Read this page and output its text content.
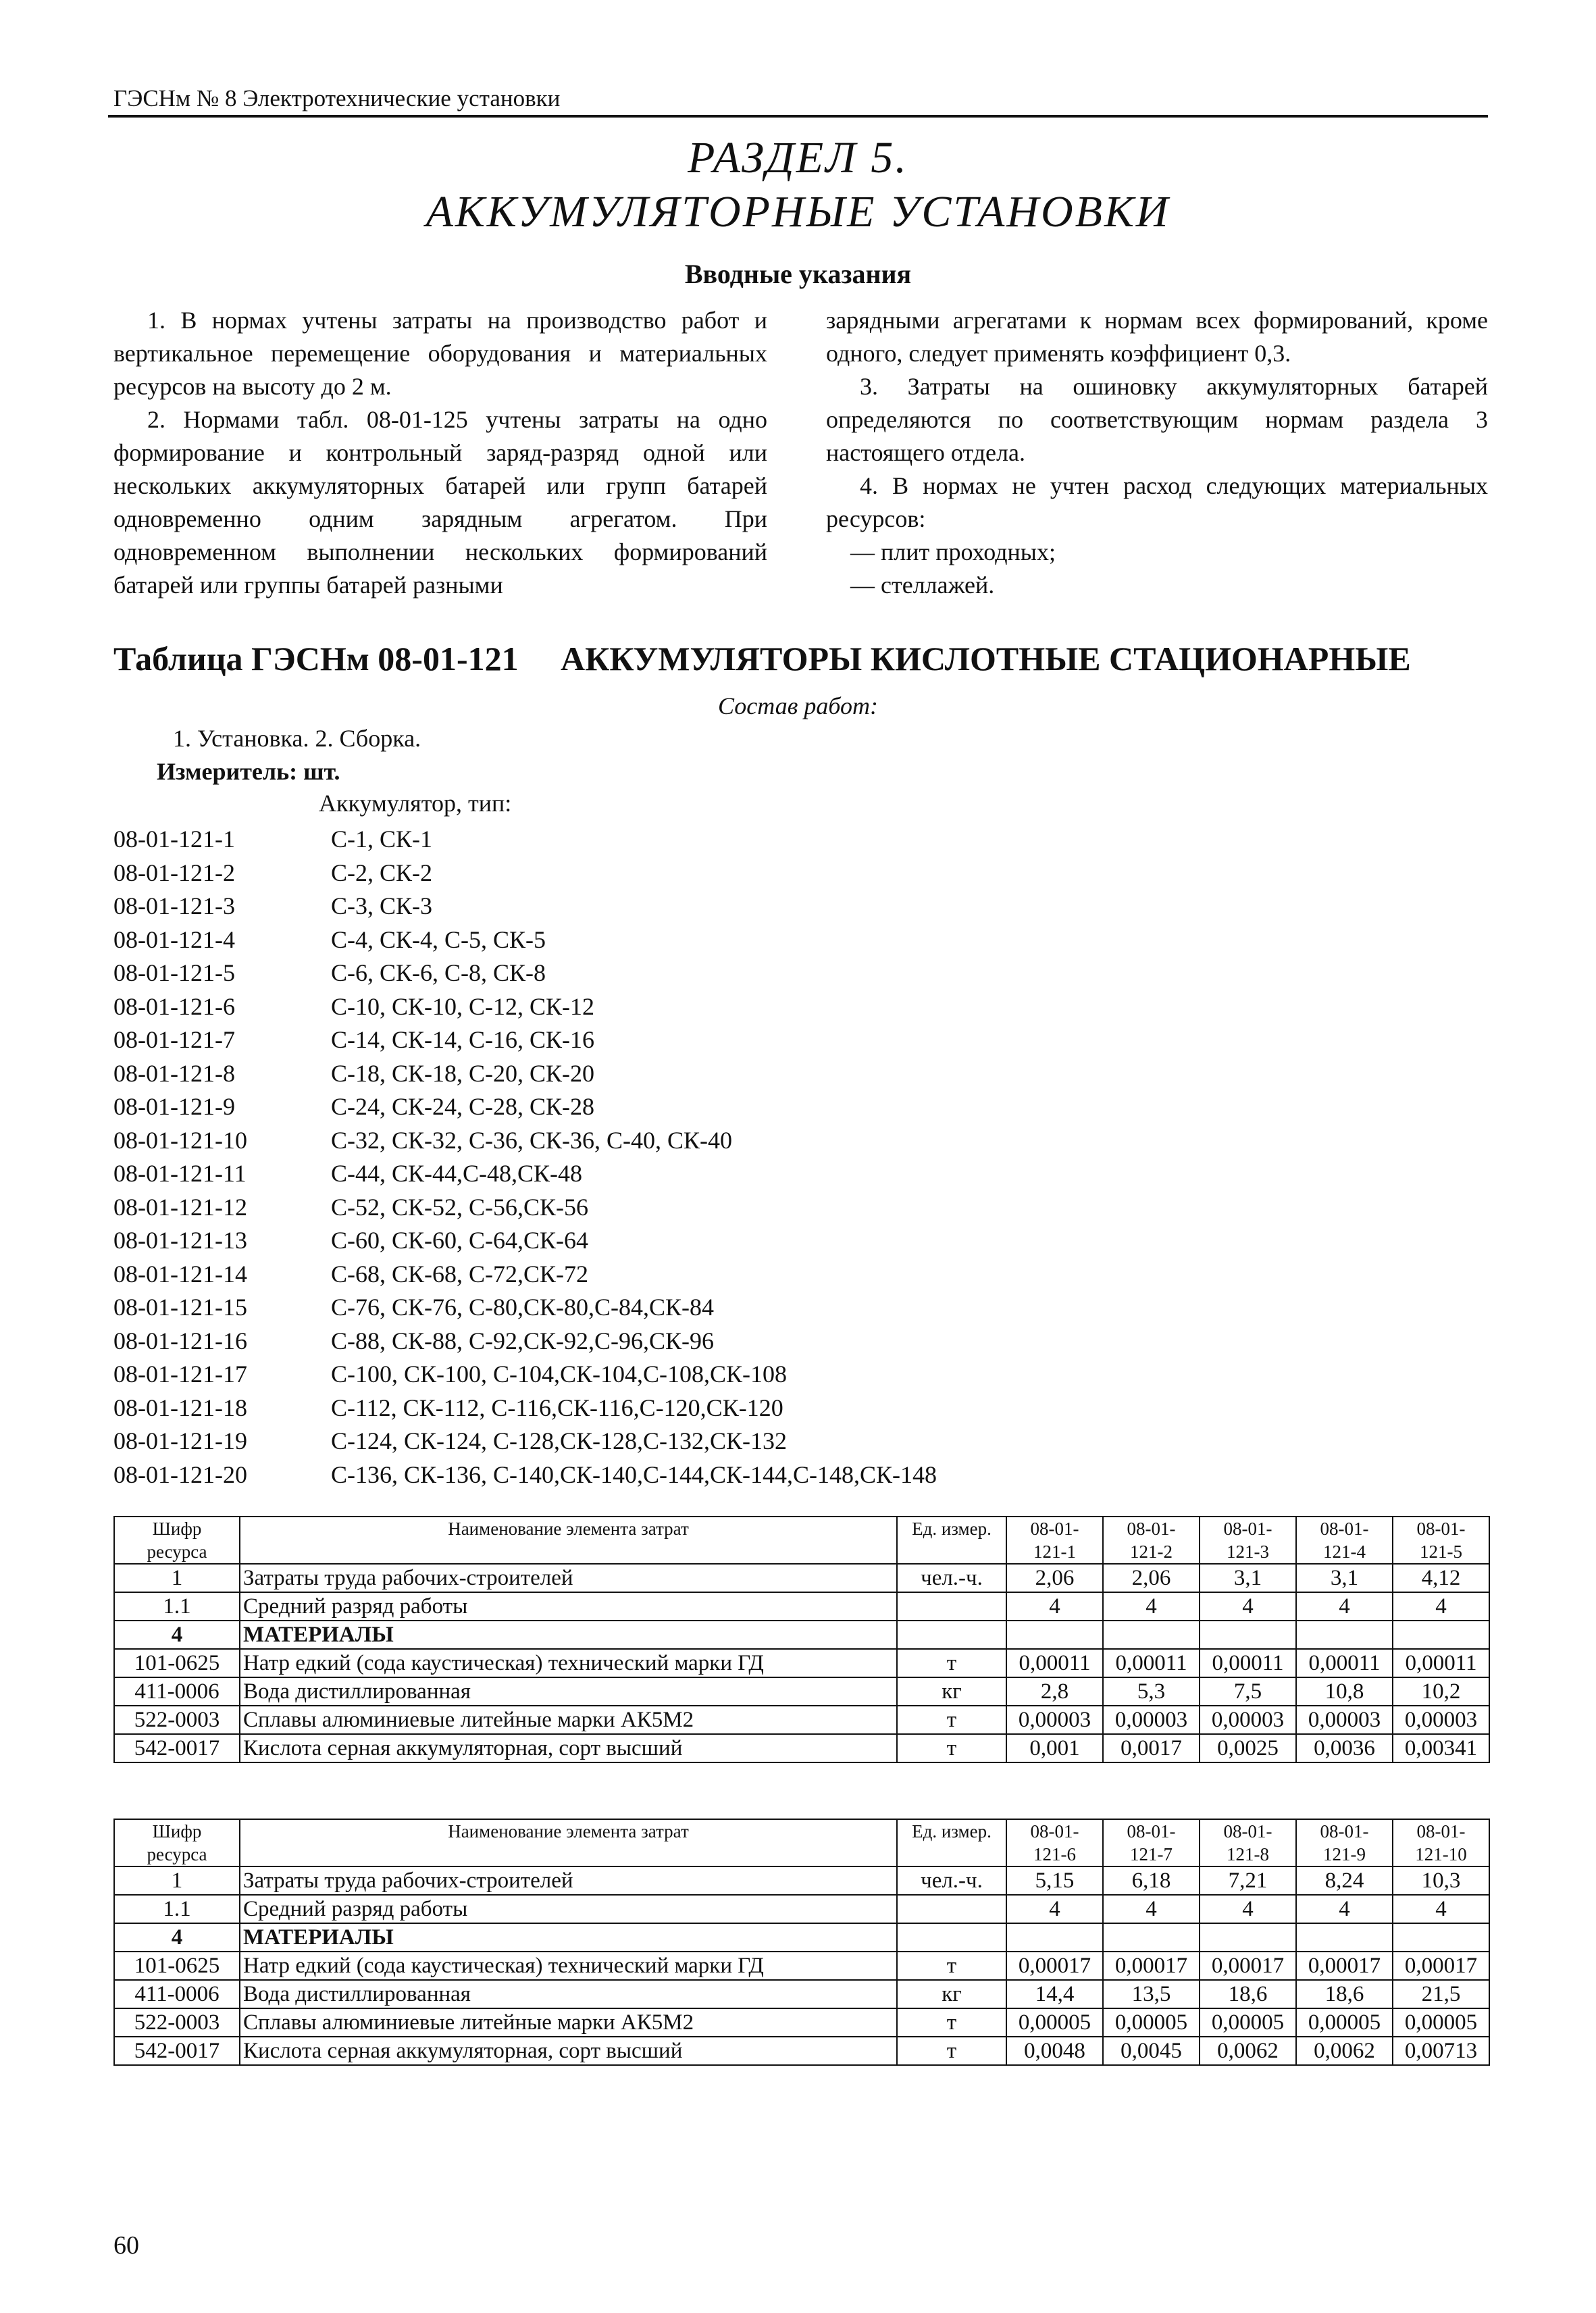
ГЭСНм № 8 Электротехнические установки
РАЗДЕЛ 5.
АККУМУЛЯТОРНЫЕ УСТАНОВКИ
Вводные указания

1. В нормах учтены затраты на производство работ и вертикальное перемещение оборудования и материальных ресурсов на высоту до 2 м.

2. Нормами табл. 08-01-125 учтены затраты на одно формирование и контрольный заряд-разряд одной или нескольких аккумуляторных батарей или групп батарей одновременно одним зарядным агрегатом. При одновременном выполнении нескольких формирований батарей или группы батарей разными

зарядными агрегатами к нормам всех формирований, кроме одного, следует применять коэффициент 0,3.

3. Затраты на ошиновку аккумуляторных батарей определяются по соответствующим нормам раздела 3 настоящего отдела.

4. В нормах не учтен расход следующих материальных ресурсов:

— плит проходных;

— стеллажей.

Таблица ГЭСНм 08-01-121 АККУМУЛЯТОРЫ КИСЛОТНЫЕ СТАЦИОНАРНЫЕ
Состав работ:
1. Установка. 2. Сборка.
Измеритель: шт.
Аккумулятор, тип:
08-01-121-1	С-1, СК-1
08-01-121-2	С-2, СК-2
08-01-121-3	С-3, СК-3
08-01-121-4	С-4, СК-4, С-5, СК-5
08-01-121-5	С-6, СК-6, С-8, СК-8
08-01-121-6	С-10, СК-10, С-12, СК-12
08-01-121-7	С-14, СК-14, С-16, СК-16
08-01-121-8	С-18, СК-18, С-20, СК-20
08-01-121-9	С-24, СК-24, С-28, СК-28
08-01-121-10	С-32, СК-32, С-36, СК-36, С-40, СК-40
08-01-121-11	С-44, СК-44,С-48,СК-48
08-01-121-12	С-52, СК-52, С-56,СК-56
08-01-121-13	С-60, СК-60, С-64,СК-64
08-01-121-14	С-68, СК-68, С-72,СК-72
08-01-121-15	С-76, СК-76, С-80,СК-80,С-84,СК-84
08-01-121-16	С-88, СК-88, С-92,СК-92,С-96,СК-96
08-01-121-17	С-100, СК-100, С-104,СК-104,С-108,СК-108
08-01-121-18	С-112, СК-112, С-116,СК-116,С-120,СК-120
08-01-121-19	С-124, СК-124, С-128,СК-128,С-132,СК-132
08-01-121-20	С-136, СК-136, С-140,СК-140,С-144,СК-144,С-148,СК-148
Шифр	Наименование элемента затрат	Ед. измер.	08-01-	08-01-	08-01-	08-01-	08-01-
ресурса			121-1	121-2	121-3	121-4	121-5
1	Затраты труда рабочих-строителей	чел.-ч.	2,06	2,06	3,1	3,1	4,12
1.1	Средний разряд работы		4	4	4	4	4
4	МАТЕРИАЛЫ						
101-0625	Натр едкий (сода каустическая) технический марки ГД	т	0,00011	0,00011	0,00011	0,00011	0,00011
411-0006	Вода дистиллированная	кг	2,8	5,3	7,5	10,8	10,2
522-0003	Сплавы алюминиевые литейные марки АК5М2	т	0,00003	0,00003	0,00003	0,00003	0,00003
542-0017	Кислота серная аккумуляторная, сорт высший	т	0,001	0,0017	0,0025	0,0036	0,00341
Шифр	Наименование элемента затрат	Ед. измер.	08-01-	08-01-	08-01-	08-01-	08-01-
ресурса			121-6	121-7	121-8	121-9	121-10
1	Затраты труда рабочих-строителей	чел.-ч.	5,15	6,18	7,21	8,24	10,3
1.1	Средний разряд работы		4	4	4	4	4
4	МАТЕРИАЛЫ						
101-0625	Натр едкий (сода каустическая) технический марки ГД	т	0,00017	0,00017	0,00017	0,00017	0,00017
411-0006	Вода дистиллированная	кг	14,4	13,5	18,6	18,6	21,5
522-0003	Сплавы алюминиевые литейные марки АК5М2	т	0,00005	0,00005	0,00005	0,00005	0,00005
542-0017	Кислота серная аккумуляторная, сорт высший	т	0,0048	0,0045	0,0062	0,0062	0,00713
60
